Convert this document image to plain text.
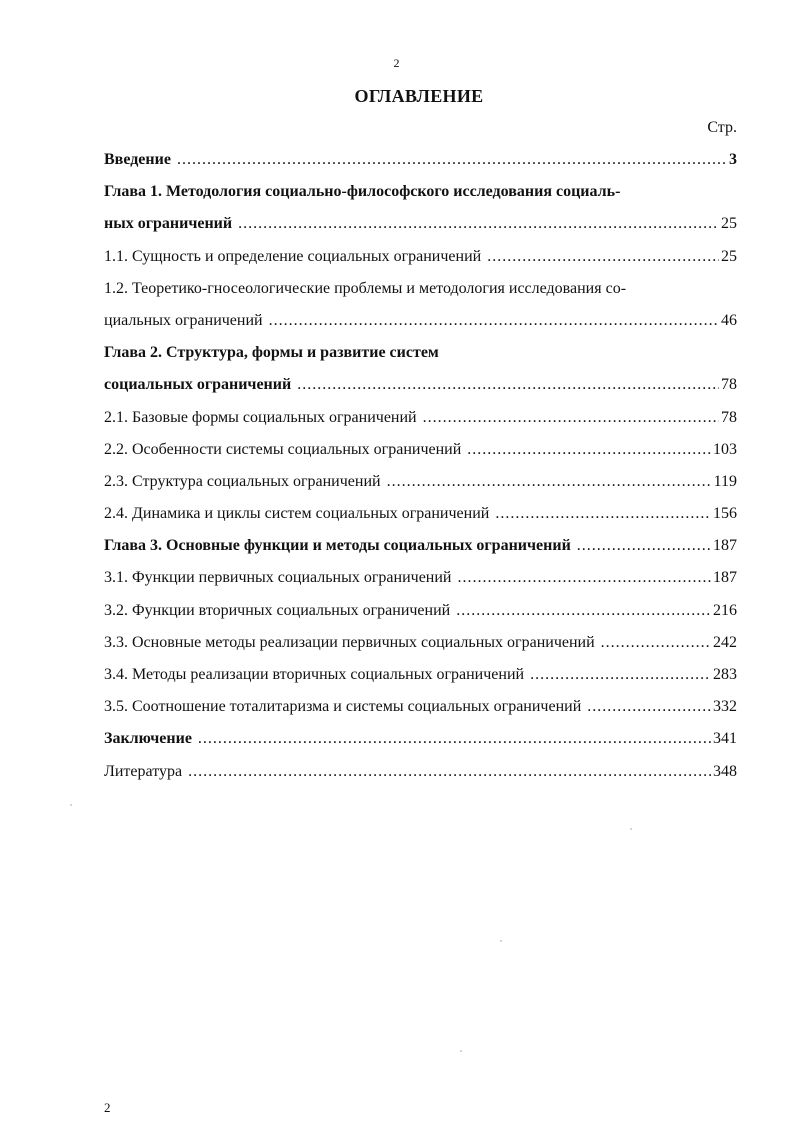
2
ОГЛАВЛЕНИЕ
Стр.
Введение .....	3
Глава 1. Методология социально-философского исследования социаль-
ных ограничений .....	25
1.1. Сущность и определение социальных ограничений .....	25
1.2. Теоретико-гносеологические проблемы и методология исследования со-
циальных ограничений .....	46
Глава 2. Структура, формы и развитие систем
социальных ограничений .....	78
2.1. Базовые формы социальных ограничений .....	78
2.2. Особенности системы социальных ограничений .....	103
2.3. Структура социальных ограничений .....	119
2.4. Динамика и циклы систем социальных ограничений .....	156
Глава 3. Основные функции и методы социальных ограничений .....	187
3.1. Функции первичных социальных ограничений .....	187
3.2. Функции вторичных социальных ограничений .....	216
3.3. Основные методы реализации первичных социальных ограничений .....	242
3.4. Методы реализации вторичных социальных ограничений .....	283
3.5. Соотношение тоталитаризма и системы социальных ограничений .....	332
Заключение .....	341
Литература .....	348
2
